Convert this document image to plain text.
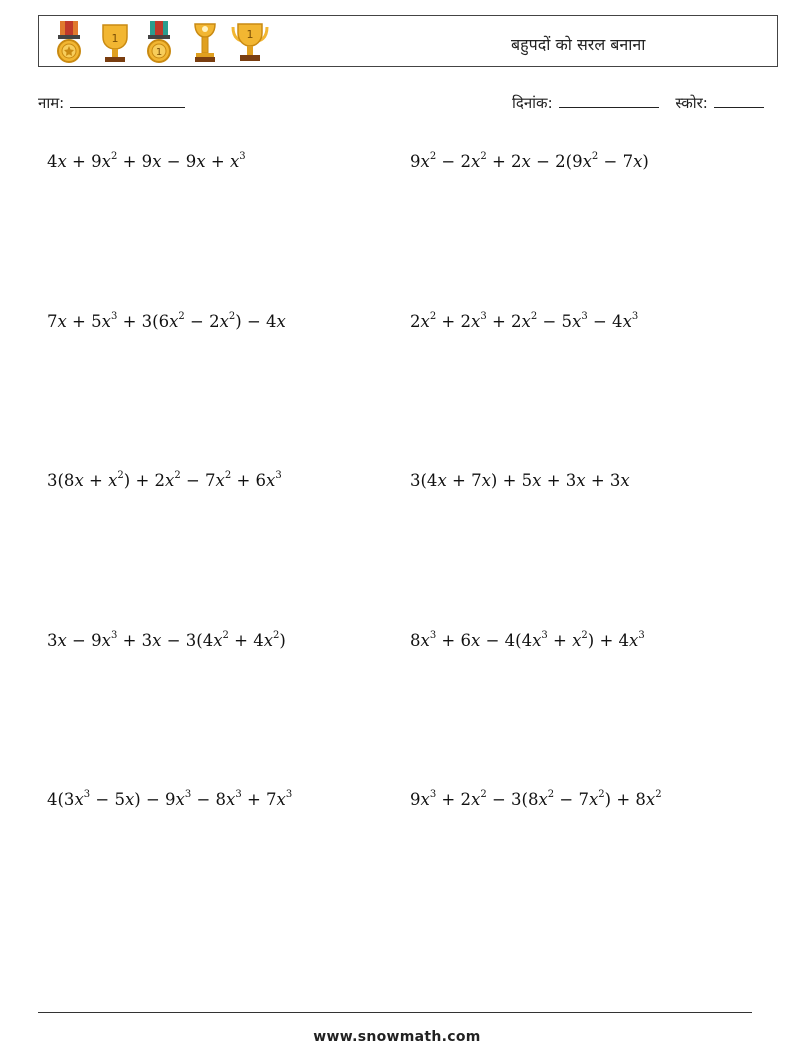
1
1
1
बहुपदों को सरल बनाना
नाम:	दिनांक:	स्कोर:
$4x + 9x^2 + 9x - 9x + x^3$	$9x^2 - 2x^2 + 2x - 2(9x^2 - 7x)$
$7x + 5x^3 + 3(6x^2 - 2x^2) - 4x$	$2x^2 + 2x^3 + 2x^2 - 5x^3 - 4x^3$
$3(8x + x^2) + 2x^2 - 7x^2 + 6x^3$	3(4x + 7x) + 5x + 3x + 3x
$3x - 9x^3 + 3x - 3(4x^2 + 4x^2)$	$8x^3 + 6x - 4(4x^3 + x^2) + 4x^3$
$4(3x^3 - 5x) - 9x^3 - 8x^3 + 7x^3$	$9x^3 + 2x^2 - 3(8x^2 - 7x^2) + 8x^2$
www.snowmath.com
